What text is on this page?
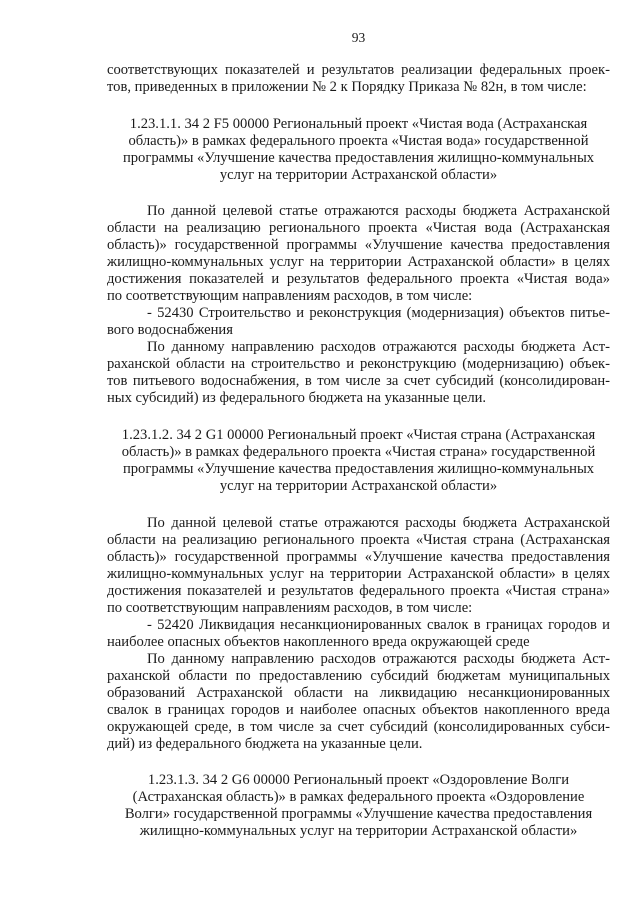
93
соответствующих показателей и результатов реализации федеральных проек-
тов, приведенных в приложении № 2 к Порядку Приказа № 82н, в том числе:
1.23.1.1. 34 2 F5 00000 Региональный проект «Чистая вода (Астраханская
область)» в рамках федерального проекта «Чистая вода» государственной
программы «Улучшение качества предоставления жилищно-коммунальных
услуг на территории Астраханской области»
По данной целевой статье отражаются расходы бюджета Астраханской
области на реализацию регионального проекта «Чистая вода (Астраханская
область)» государственной программы «Улучшение качества предоставления
жилищно-коммунальных услуг на территории Астраханской области» в целях
достижения показателей и результатов федерального проекта «Чистая вода»
по соответствующим направлениям расходов, в том числе:
- 52430 Строительство и реконструкция (модернизация) объектов питье-
вого водоснабжения
По данному направлению расходов отражаются расходы бюджета Аст-
раханской области на строительство и реконструкцию (модернизацию) объек-
тов питьевого водоснабжения, в том числе за счет субсидий (консолидирован-
ных субсидий) из федерального бюджета на указанные цели.
1.23.1.2. 34 2 G1 00000 Региональный проект «Чистая страна (Астраханская
область)» в рамках федерального проекта «Чистая страна» государственной
программы «Улучшение качества предоставления жилищно-коммунальных
услуг на территории Астраханской области»
По данной целевой статье отражаются расходы бюджета Астраханской
области на реализацию регионального проекта «Чистая страна (Астраханская
область)» государственной программы «Улучшение качества предоставления
жилищно-коммунальных услуг на территории Астраханской области» в целях
достижения показателей и результатов федерального проекта «Чистая страна»
по соответствующим направлениям расходов, в том числе:
- 52420 Ликвидация несанкционированных свалок в границах городов и
наиболее опасных объектов накопленного вреда окружающей среде
По данному направлению расходов отражаются расходы бюджета Аст-
раханской области по предоставлению субсидий бюджетам муниципальных
образований Астраханской области на ликвидацию несанкционированных
свалок в границах городов и наиболее опасных объектов накопленного вреда
окружающей среде, в том числе за счет субсидий (консолидированных субси-
дий) из федерального бюджета на указанные цели.
1.23.1.3. 34 2 G6 00000 Региональный проект «Оздоровление Волги
(Астраханская область)» в рамках федерального проекта «Оздоровление
Волги» государственной программы «Улучшение качества предоставления
жилищно-коммунальных услуг на территории Астраханской области»
